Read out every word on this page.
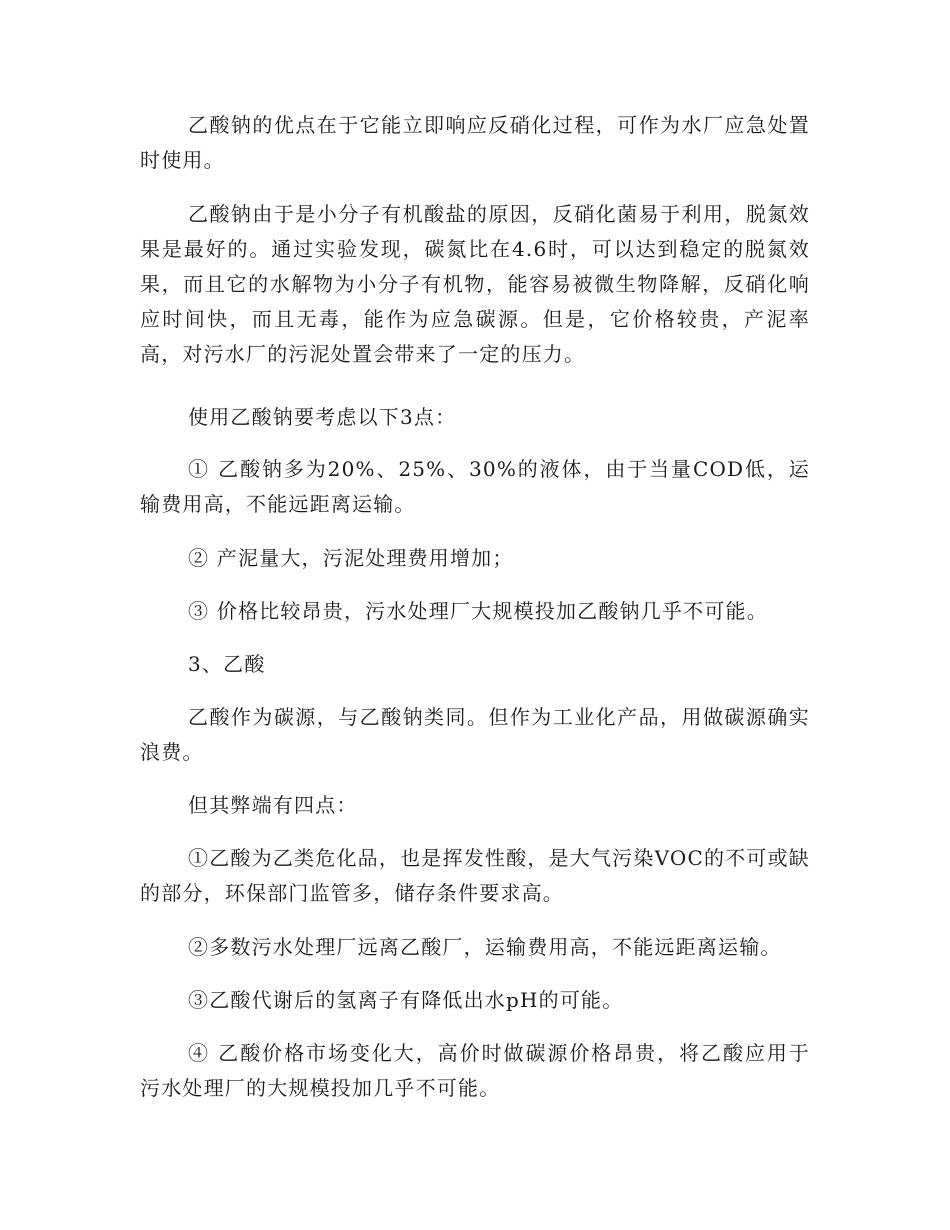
乙酸钠的优点在于它能立即响应反硝化过程，可作为水厂应急处置时使用。

乙酸钠由于是小分子有机酸盐的原因，反硝化菌易于利用，脱氮效果是最好的。通过实验发现，碳氮比在4.6时，可以达到稳定的脱氮效果，而且它的水解物为小分子有机物，能容易被微生物降解，反硝化响应时间快，而且无毒，能作为应急碳源。但是，它价格较贵，产泥率高，对污水厂的污泥处置会带来了一定的压力。

使用乙酸钠要考虑以下3点：

① 乙酸钠多为20%、25%、30%的液体，由于当量COD低，运输费用高，不能远距离运输。

② 产泥量大，污泥处理费用增加；

③ 价格比较昂贵，污水处理厂大规模投加乙酸钠几乎不可能。

3、乙酸

乙酸作为碳源，与乙酸钠类同。但作为工业化产品，用做碳源确实浪费。

但其弊端有四点：

①乙酸为乙类危化品，也是挥发性酸，是大气污染VOC的不可或缺的部分，环保部门监管多，储存条件要求高。

②多数污水处理厂远离乙酸厂，运输费用高，不能远距离运输。

③乙酸代谢后的氢离子有降低出水pH的可能。

④ 乙酸价格市场变化大，高价时做碳源价格昂贵，将乙酸应用于污水处理厂的大规模投加几乎不可能。
